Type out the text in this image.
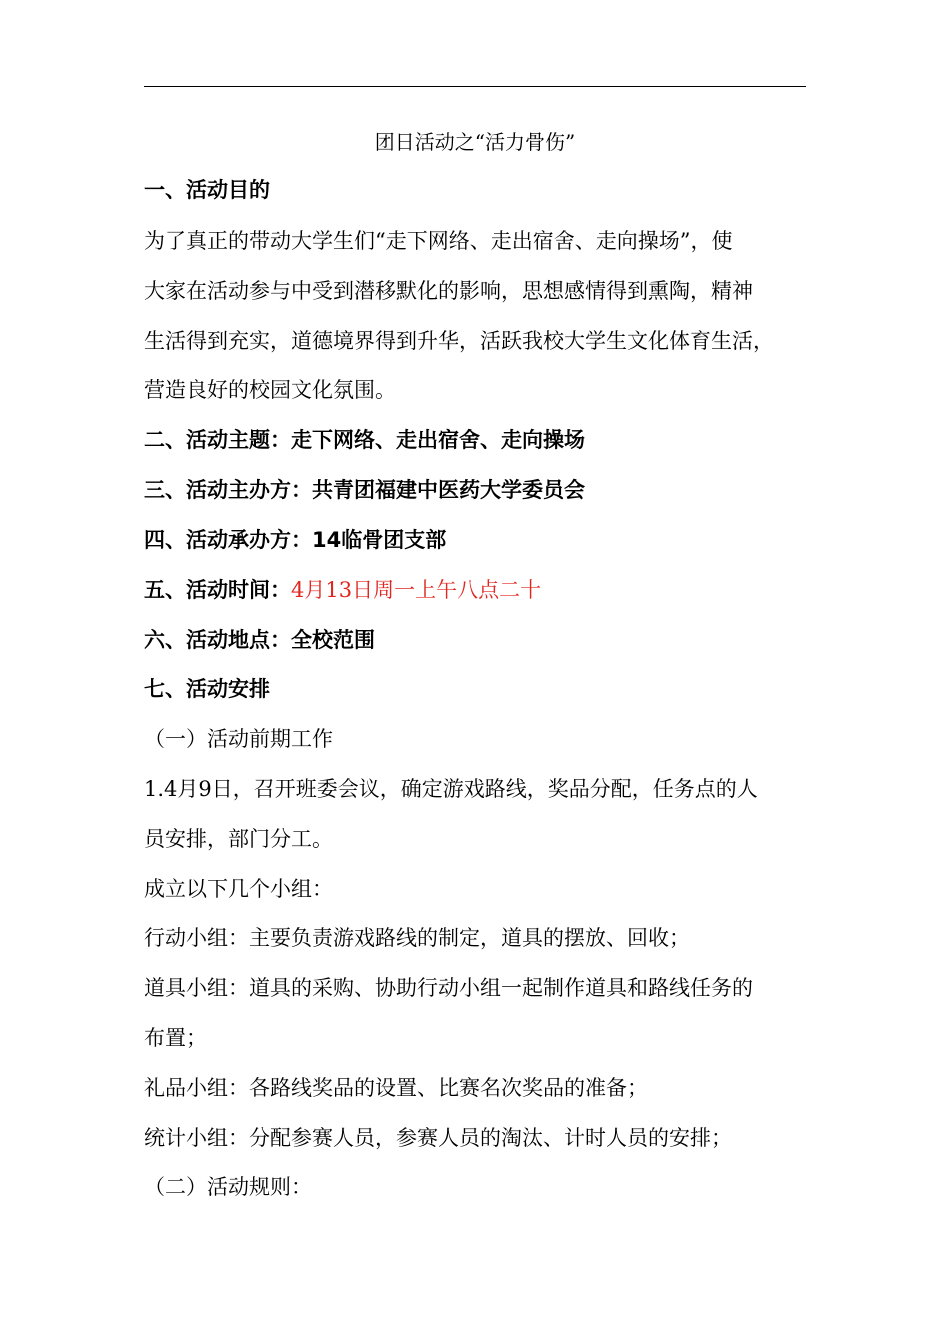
团日活动之“活力骨伤”
一、活动目的
为了真正的带动大学生们“走下网络、走出宿舍、走向操场”，使
大家在活动参与中受到潜移默化的影响，思想感情得到熏陶，精神
生活得到充实，道德境界得到升华，活跃我校大学生文化体育生活，
营造良好的校园文化氛围。
二、活动主题：走下网络、走出宿舍、走向操场
三、活动主办方：共青团福建中医药大学委员会
四、活动承办方：14临骨团支部
五、活动时间：4月13日周一上午八点二十
六、活动地点：全校范围
七、活动安排
（一）活动前期工作
1.4月9日，召开班委会议，确定游戏路线，奖品分配，任务点的人
员安排，部门分工。
成立以下几个小组：
行动小组：主要负责游戏路线的制定，道具的摆放、回收；
道具小组：道具的采购、协助行动小组一起制作道具和路线任务的
布置；
礼品小组：各路线奖品的设置、比赛名次奖品的准备；
统计小组：分配参赛人员，参赛人员的淘汰、计时人员的安排；
（二）活动规则：
